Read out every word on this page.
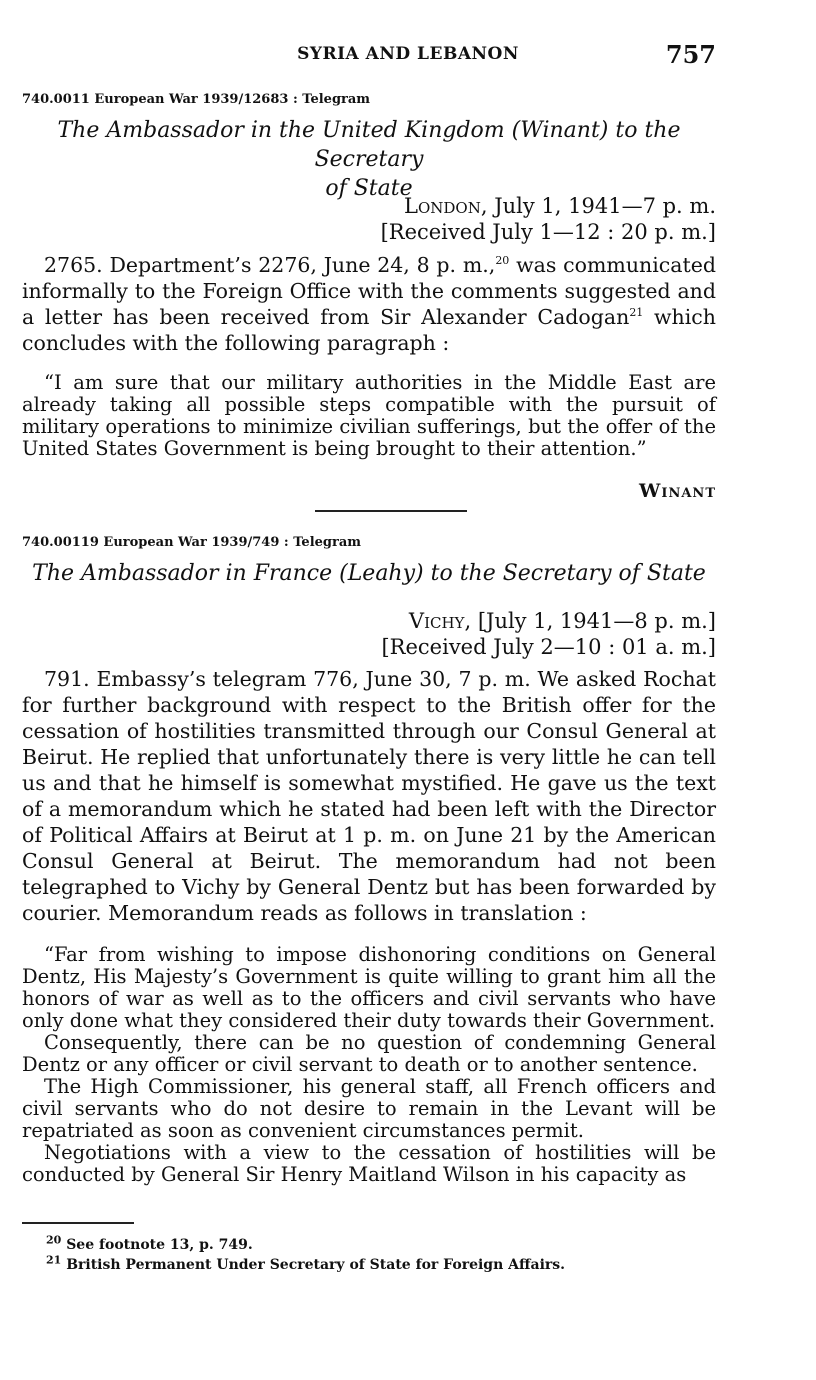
SYRIA AND LEBANON	757
740.0011 European War 1939/12683 : Telegram
The Ambassador in the United Kingdom (Winant) to the Secretary
of State
London, July 1, 1941—7 p. m.
[Received July 1—12 : 20 p. m.]
2765. Department’s 2276, June 24, 8 p. m.,$^{20}$ was communicated informally to the Foreign Office with the comments suggested and a letter has been received from Sir Alexander Cadogan$^{21}$ which concludes with the following paragraph :
“I am sure that our military authorities in the Middle East are already taking all possible steps compatible with the pursuit of military operations to minimize civilian sufferings, but the offer of the United States Government is being brought to their attention.”
Winant
740.00119 European War 1939/749 : Telegram
The Ambassador in France (Leahy) to the Secretary of State
Vichy, [July 1, 1941—8 p. m.]
[Received July 2—10 : 01 a. m.]
791. Embassy’s telegram 776, June 30, 7 p. m. We asked Rochat for further background with respect to the British offer for the cessation of hostilities transmitted through our Consul General at Beirut. He replied that unfortunately there is very little he can tell us and that he himself is somewhat mystified. He gave us the text of a memorandum which he stated had been left with the Director of Political Affairs at Beirut at 1 p. m. on June 21 by the American Consul General at Beirut. The memorandum had not been telegraphed to Vichy by General Dentz but has been forwarded by courier. Memorandum reads as follows in translation :
“Far from wishing to impose dishonoring conditions on General Dentz, His Majesty’s Government is quite willing to grant him all the honors of war as well as to the officers and civil servants who have only done what they considered their duty towards their Government.
Consequently, there can be no question of condemning General Dentz or any officer or civil servant to death or to another sentence.
The High Commissioner, his general staff, all French officers and civil servants who do not desire to remain in the Levant will be repatriated as soon as convenient circumstances permit.
Negotiations with a view to the cessation of hostilities will be conducted by General Sir Henry Maitland Wilson in his capacity as
$^{20}$ See footnote 13, p. 749.
$^{21}$ British Permanent Under Secretary of State for Foreign Affairs.
